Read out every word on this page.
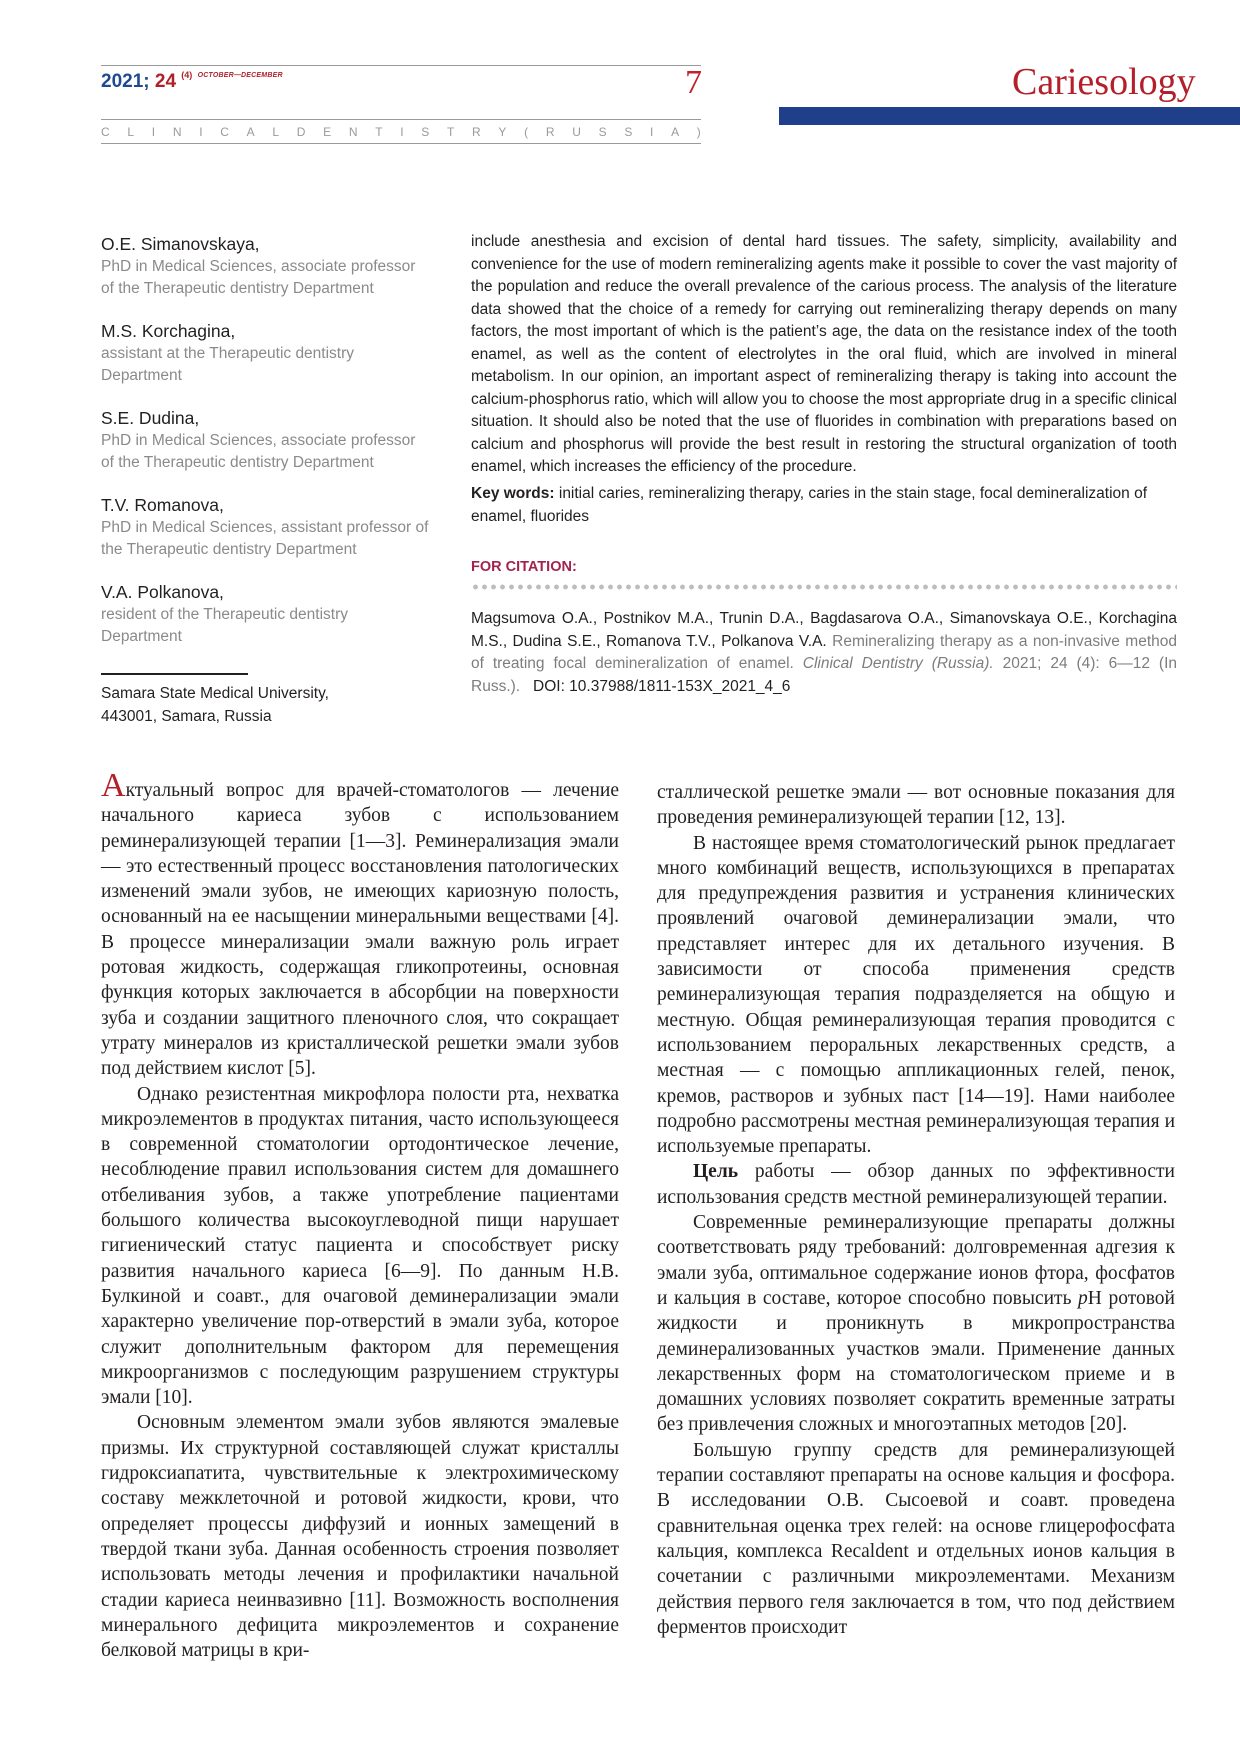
2021; 24 $^{(4)}$ $^{OCTOBER—DECEMBER}$	7	Cariesology
C L I N I C A L D E N T I S T R Y ( R U S S I A )
O.E. Simanovskaya,
PhD in Medical Sciences, associate professor of the Therapeutic dentistry Department
M.S. Korchagina,
assistant at the Therapeutic dentistry Department
S.E. Dudina,
PhD in Medical Sciences, associate professor of the Therapeutic dentistry Department
T.V. Romanova,
PhD in Medical Sciences, assistant professor of the Therapeutic dentistry Department
V.A. Polkanova,
resident of the Therapeutic dentistry Department
Samara State Medical University,
443001, Samara, Russia
include anesthesia and excision of dental hard tissues. The safety, simplicity, availability and convenience for the use of modern remineralizing agents make it possible to cover the vast majority of the population and reduce the overall prevalence of the carious process. The analysis of the literature data showed that the choice of a remedy for carrying out remineralizing therapy depends on many factors, the most important of which is the patient’s age, the data on the resistance index of the tooth enamel, as well as the content of electrolytes in the oral fluid, which are involved in mineral metabolism. In our opinion, an important aspect of remineralizing therapy is taking into account the calcium-phosphorus ratio, which will allow you to choose the most appropriate drug in a specific clinical situation. It should also be noted that the use of fluorides in combination with preparations based on calcium and phosphorus will provide the best result in restoring the structural organization of tooth enamel, which increases the efficiency of the procedure.
Key words: initial caries, remineralizing therapy, caries in the stain stage, focal demineralization of enamel, fluorides
FOR CITATION:
Magsumova O.A., Postnikov M.A., Trunin D.A., Bagdasarova O.A., Simanovskaya O.E., Korchagina M.S., Dudina S.E., Romanova T.V., Polkanova V.A. Remineralizing therapy as a non-invasive method of treating focal demineralization of enamel. Clinical Dentistry (Russia). 2021; 24 (4): 6—12 (In Russ.). DOI: 10.37988/1811-153X_2021_4_6

Актуальный вопрос для врачей-стоматологов — лечение начального кариеса зубов с использованием реминерализующей терапии [1—3]. Реминерализация эмали — это естественный процесс восстановления патологических изменений эмали зубов, не имеющих кариозную полость, основанный на ее насыщении минеральными веществами [4]. В процессе минерализации эмали важную роль играет ротовая жидкость, содержащая гликопротеины, основная функция которых заключается в абсорбции на поверхности зуба и создании защитного пленочного слоя, что сокращает утрату минералов из кристаллической решетки эмали зубов под действием кислот [5].

Однако резистентная микрофлора полости рта, нехватка микроэлементов в продуктах питания, часто использующееся в современной стоматологии ортодонтическое лечение, несоблюдение правил использования систем для домашнего отбеливания зубов, а также употребление пациентами большого количества высокоуглеводной пищи нарушает гигиенический статус пациента и способствует риску развития начального кариеса [6—9]. По данным Н.В. Булкиной и соавт., для очаговой деминерализации эмали характерно увеличение пор-отверстий в эмали зуба, которое служит дополнительным фактором для перемещения микроорганизмов с последующим разрушением структуры эмали [10].

Основным элементом эмали зубов являются эмалевые призмы. Их структурной составляющей служат кристаллы гидроксиапатита, чувствительные к электрохимическому составу межклеточной и ротовой жидкости, крови, что определяет процессы диффузий и ионных замещений в твердой ткани зуба. Данная особенность строения позволяет использовать методы лечения и профилактики начальной стадии кариеса неинвазивно [11]. Возможность восполнения минерального дефицита микроэлементов и сохранение белковой матрицы в кри-

сталлической решетке эмали — вот основные показания для проведения реминерализующей терапии [12, 13].

В настоящее время стоматологический рынок предлагает много комбинаций веществ, использующихся в препаратах для предупреждения развития и устранения клинических проявлений очаговой деминерализации эмали, что представляет интерес для их детального изучения. В зависимости от способа применения средств реминерализующая терапия подразделяется на общую и местную. Общая реминерализующая терапия проводится с использованием пероральных лекарственных средств, а местная — с помощью аппликационных гелей, пенок, кремов, растворов и зубных паст [14—19]. Нами наиболее подробно рассмотрены местная реминерализующая терапия и используемые препараты.

Цель работы — обзор данных по эффективности использования средств местной реминерализующей терапии.

Современные реминерализующие препараты должны соответствовать ряду требований: долговременная адгезия к эмали зуба, оптимальное содержание ионов фтора, фосфатов и кальция в составе, которое способно повысить pH ротовой жидкости и проникнуть в микропространства деминерализованных участков эмали. Применение данных лекарственных форм на стоматологическом приеме и в домашних условиях позволяет сократить временные затраты без привлечения сложных и многоэтапных методов [20].

Большую группу средств для реминерализующей терапии составляют препараты на основе кальция и фосфора. В исследовании О.В. Сысоевой и соавт. проведена сравнительная оценка трех гелей: на основе глицерофосфата кальция, комплекса Recaldent и отдельных ионов кальция в сочетании с различными микроэлементами. Механизм действия первого геля заключается в том, что под действием ферментов происходит
